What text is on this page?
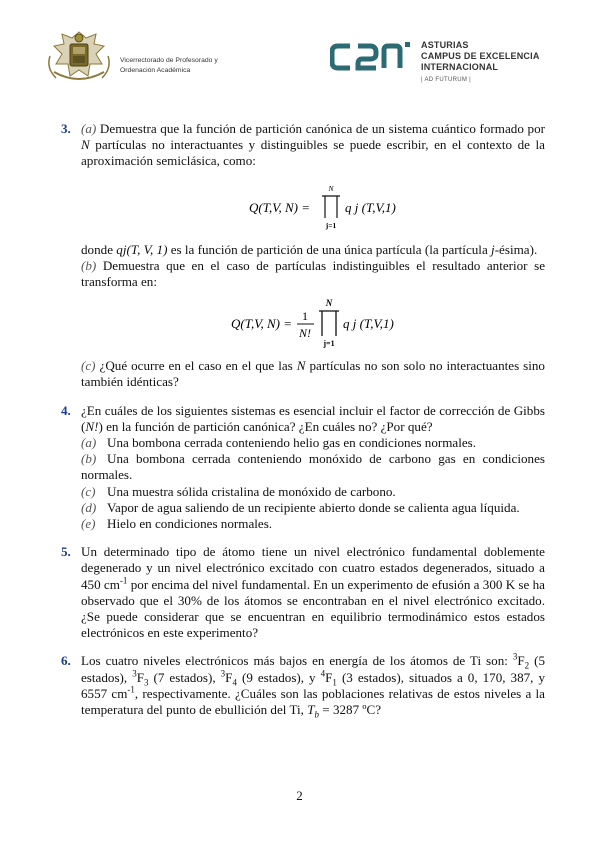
Vicerrectorado de Profesorado y
Ordenación Académica
ASTURIAS
CAMPUS DE EXCELENCIA
INTERNACIONAL
| AD FUTURUM |
3. (a) Demuestra que la función de partición canónica de un sistema cuántico formado por N partículas no interactuantes y distinguibles se puede escribir, en el contexto de la aproximación semiclásica, como:

Q(T,V, N) =
N
j=1
q j (T,V,1)

donde qj(T, V, 1) es la función de partición de una única partícula (la partícula j-ésima).

(b) Demuestra que en el caso de partículas indistinguibles el resultado anterior se transforma en:

Q(T,V, N) = 1
N!
N
j=1
q j (T,V,1)

(c) ¿Qué ocurre en el caso en el que las N partículas no son solo no interactuantes sino también idénticas?

4. ¿En cuáles de los siguientes sistemas es esencial incluir el factor de corrección de Gibbs (N!) en la función de partición canónica? ¿En cuáles no? ¿Por qué?

(a) Una bombona cerrada conteniendo helio gas en condiciones normales.

(b) Una bombona cerrada conteniendo monóxido de carbono gas en condiciones normales.

(c) Una muestra sólida cristalina de monóxido de carbono.

(d) Vapor de agua saliendo de un recipiente abierto donde se calienta agua líquida.

(e) Hielo en condiciones normales.

5. Un determinado tipo de átomo tiene un nivel electrónico fundamental doblemente degenerado y un nivel electrónico excitado con cuatro estados degenerados, situado a 450 $cm^{-1}$ por encima del nivel fundamental. En un experimento de efusión a 300 K se ha observado que el 30% de los átomos se encontraban en el nivel electrónico excitado. ¿Se puede considerar que se encuentran en equilibrio termodinámico estos estados electrónicos en este experimento?

6. Los cuatro niveles electrónicos más bajos en energía de los átomos de Ti son: $^3F_2$ (5 estados), $^3F_3$ (7 estados), $^3F_4$ (9 estados), y $^4F_1$ (3 estados), situados a 0, 170, 387, y 6557 $cm^{-1}$, respectivamente. ¿Cuáles son las poblaciones relativas de estos niveles a la temperatura del punto de ebullición del Ti, $T_b = 3287$ ºC?

2
